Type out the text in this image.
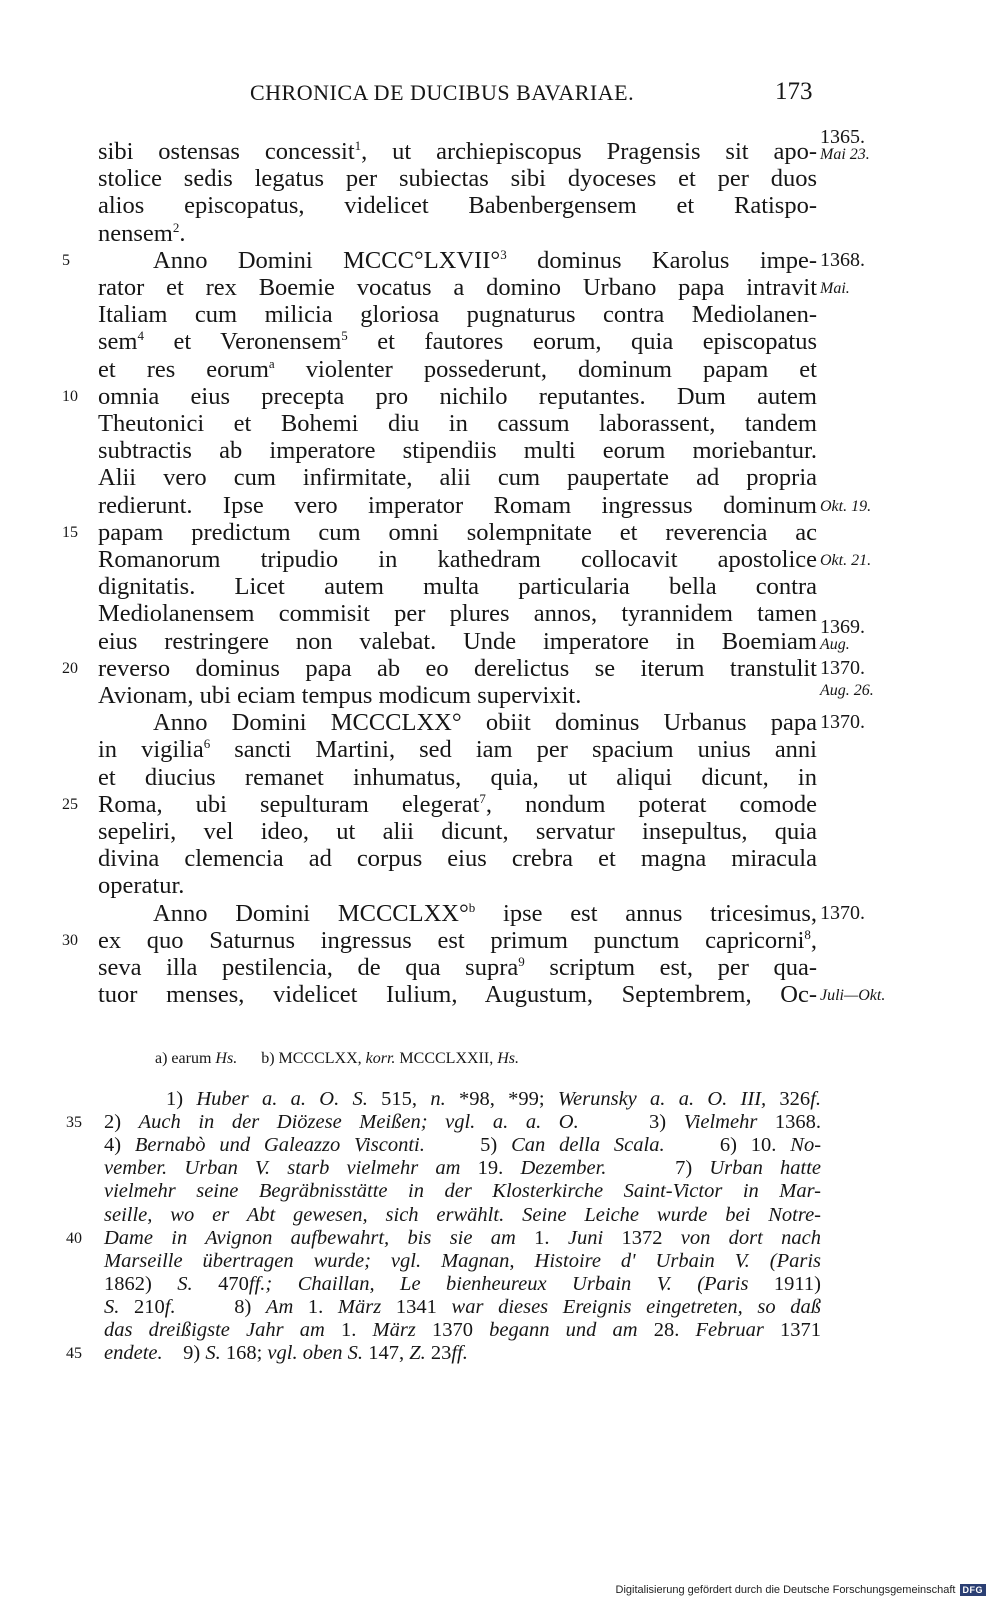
CHRONICA DE DUCIBUS BAVARIAE.	173
sibi ostensas concessit$^1$, ut archiepiscopus Pragensis sit apo-
stolice sedis legatus per subiectas sibi dyoceses et per duos
alios episcopatus, videlicet Babenbergensem et Ratispo-
nensem$^2$.
Anno Domini MCCC°LXVII°$^3$ dominus Karolus impe-
5
rator et rex Boemie vocatus a domino Urbano papa intravit
Italiam cum milicia gloriosa pugnaturus contra Mediolanen-
sem$^4$ et Veronensem$^5$ et fautores eorum, quia episcopatus
et res eorum$^a$ violenter possederunt, dominum papam et
omnia eius precepta pro nichilo reputantes. Dum autem
10
Theutonici et Bohemi diu in cassum laborassent, tandem
subtractis ab imperatore stipendiis multi eorum moriebantur.
Alii vero cum infirmitate, alii cum paupertate ad propria
redierunt. Ipse vero imperator Romam ingressus dominum
papam predictum cum omni solempnitate et reverencia ac
15
Romanorum tripudio in kathedram collocavit apostolice
dignitatis. Licet autem multa particularia bella contra
Mediolanensem commisit per plures annos, tyrannidem tamen
eius restringere non valebat. Unde imperatore in Boemiam
reverso dominus papa ab eo derelictus se iterum transtulit
20
Avionam, ubi eciam tempus modicum supervixit.
Anno Domini MCCCLXX° obiit dominus Urbanus papa
in vigilia$^6$ sancti Martini, sed iam per spacium unius anni
et diucius remanet inhumatus, quia, ut aliqui dicunt, in
Roma, ubi sepulturam elegerat$^7$, nondum poterat comode
25
sepeliri, vel ideo, ut alii dicunt, servatur insepultus, quia
divina clemencia ad corpus eius crebra et magna miracula
operatur.
Anno Domini MCCCLXX°$^b$ ipse est annus tricesimus,
ex quo Saturnus ingressus est primum punctum capricorni$^8$,
30
seva illa pestilencia, de qua supra$^9$ scriptum est, per qua-
tuor menses, videlicet Iulium, Augustum, Septembrem, Oc-
1365.
Mai 23.
1368.
Mai.
Okt. 19.
Okt. 21.
1369.
Aug.
1370.
Aug. 26.
1370.
1370.
Juli—Okt.
a) earum Hs.      b) MCCCLXX, korr. MCCCLXXII, Hs.
1) Huber a. a. O. S. 515, n. *98, *99; Werunsky a. a. O. III, 326f.
2) Auch in der Diözese Meißen; vgl. a. a. O.    3) Vielmehr 1368.
35
4) Bernabò und Galeazzo Visconti.    5) Can della Scala.    6) 10. No-
vember. Urban V. starb vielmehr am 19. Dezember.    7) Urban hatte
vielmehr seine Begräbnisstätte in der Klosterkirche Saint-Victor in Mar-
seille, wo er Abt gewesen, sich erwählt. Seine Leiche wurde bei Notre-
Dame in Avignon aufbewahrt, bis sie am 1. Juni 1372 von dort nach
40
Marseille übertragen wurde; vgl. Magnan, Histoire d' Urbain V. (Paris
1862) S. 470ff.; Chaillan, Le bienheureux Urbain V. (Paris 1911)
S. 210f.    8) Am 1. März 1341 war dieses Ereignis eingetreten, so daß
das dreißigste Jahr am 1. März 1370 begann und am 28. Februar 1371
endete.    9) S. 168; vgl. oben S. 147, Z. 23ff.
45
Digitalisierung gefördert durch die Deutsche Forschungsgemeinschaft DFG
